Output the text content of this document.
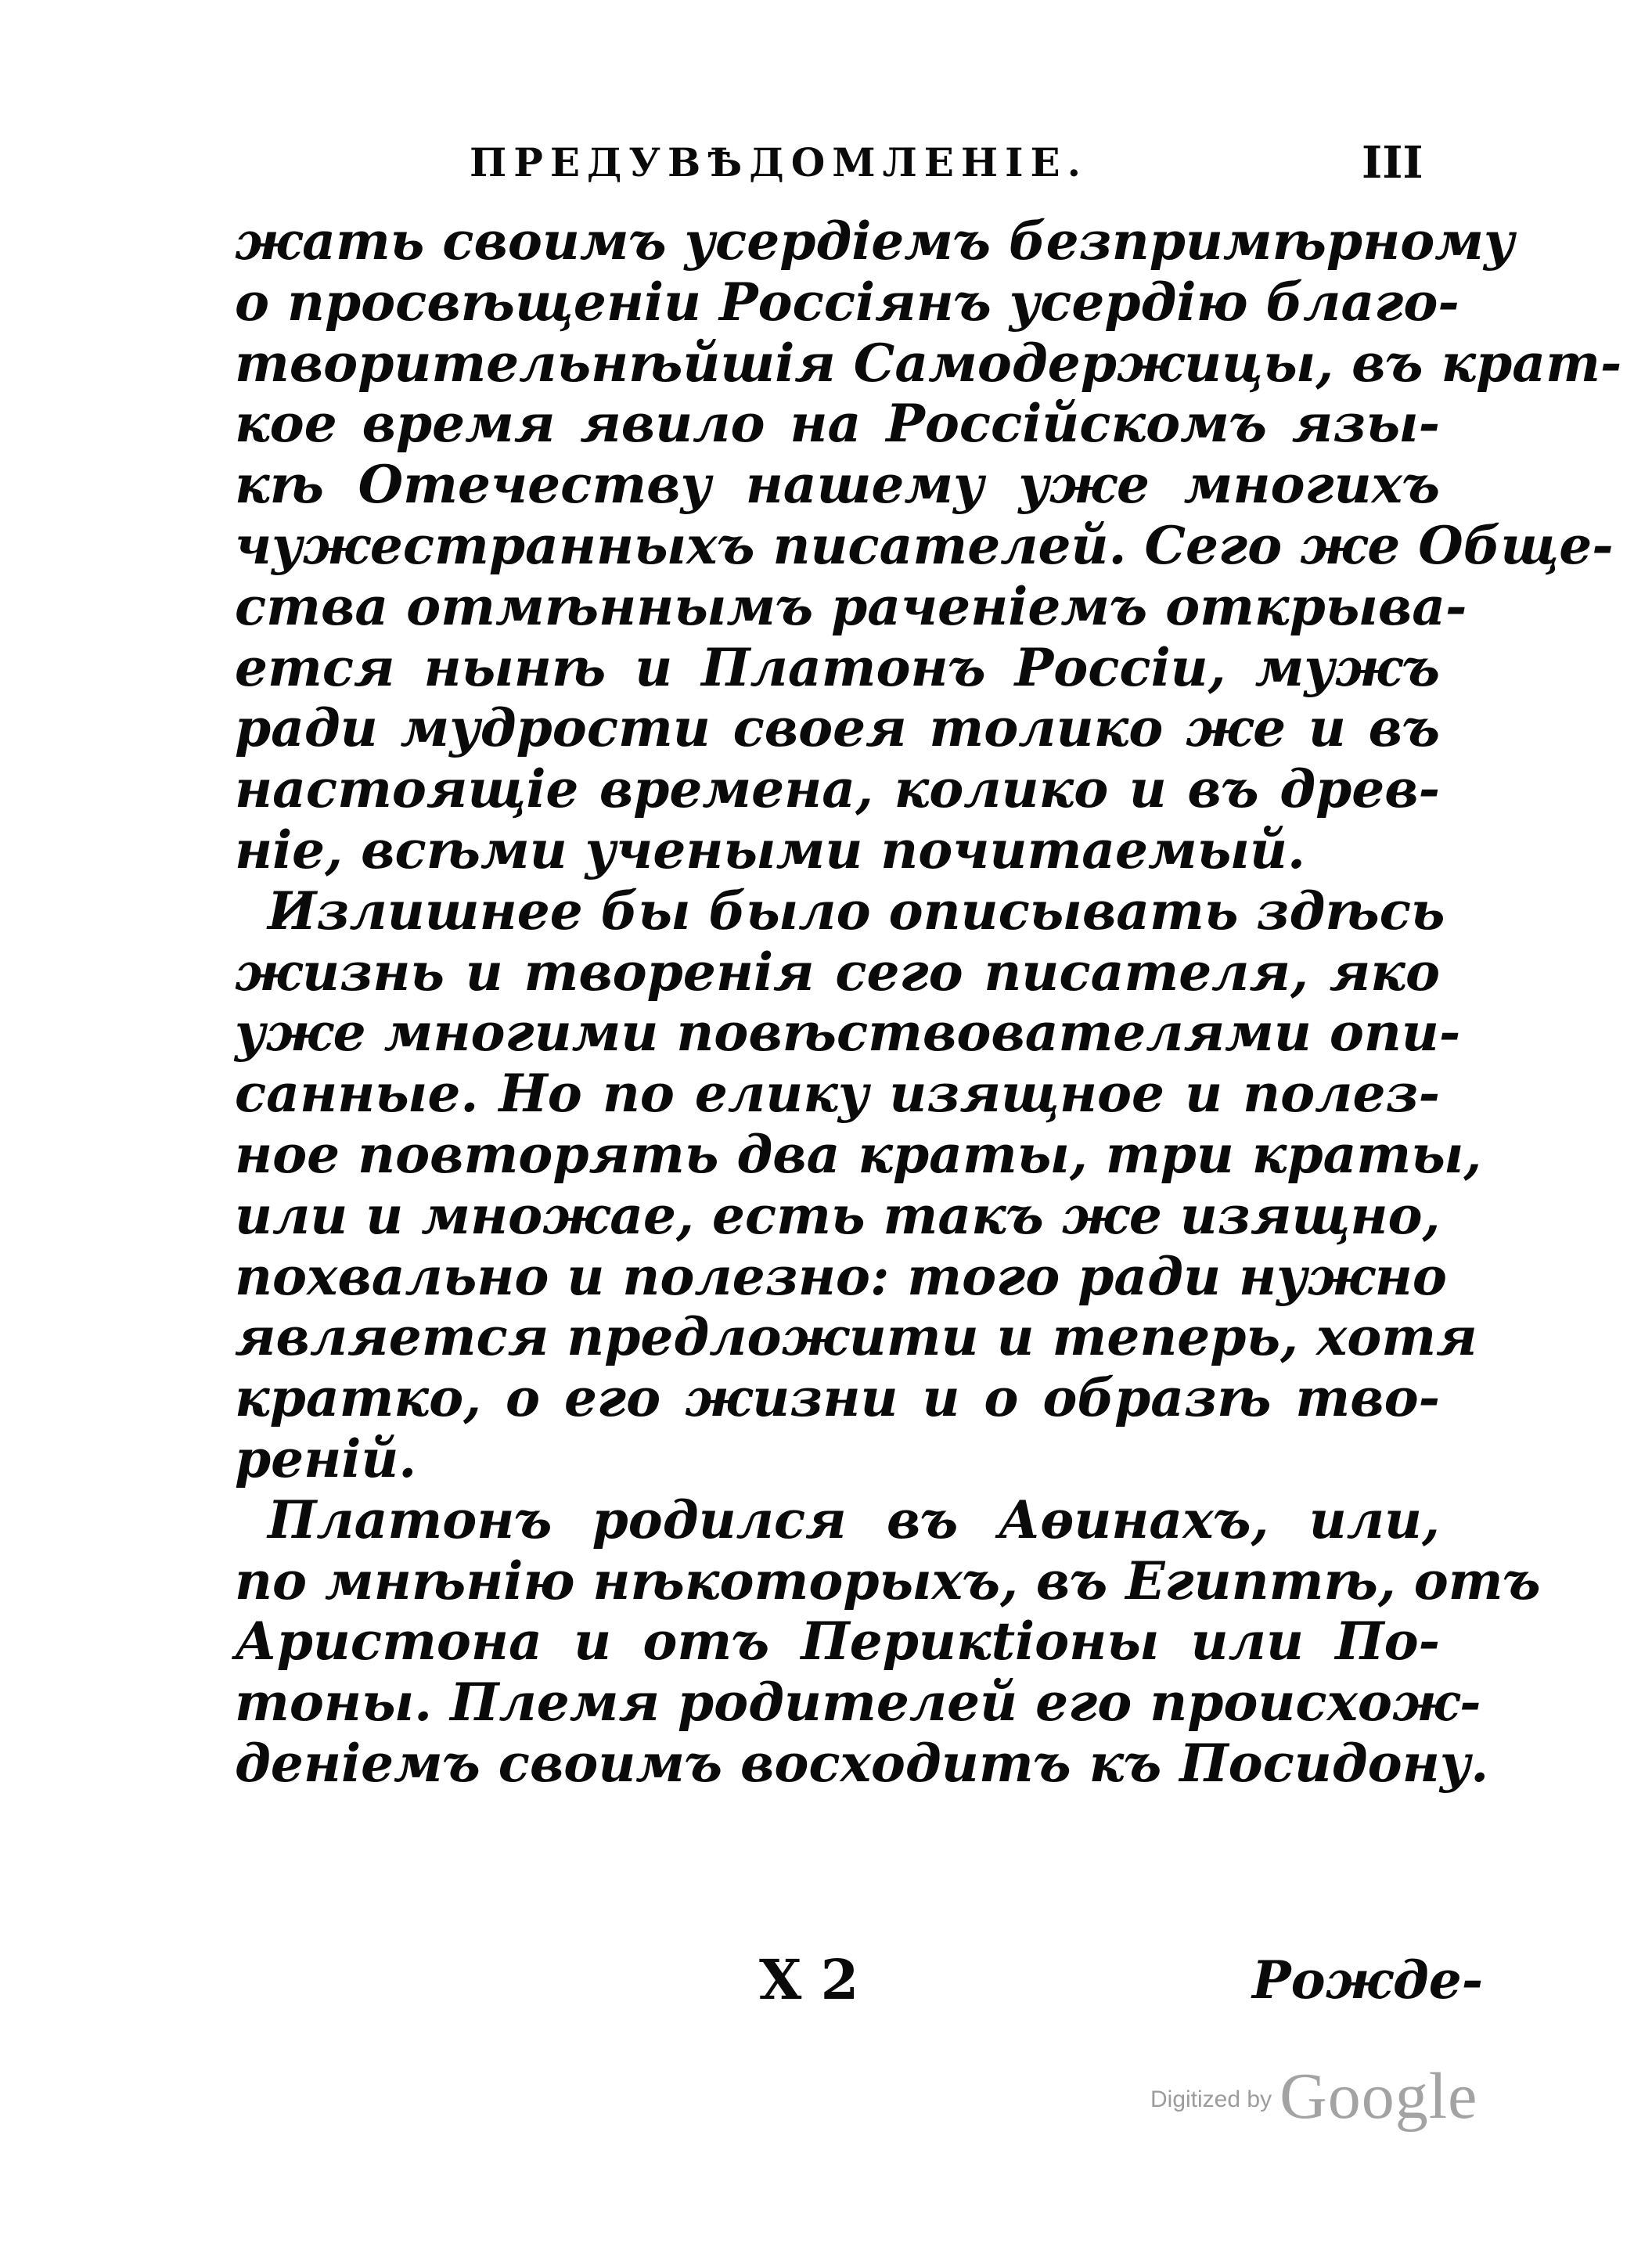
ПРЕДУВѢДОМЛЕНІЕ.	III
жать своимъ усердіемъ безпримѣрному
о просвѣщеніи Россіянъ усердію благо-
творительнѣйшія Самодержицы, въ крат-
кое время явило на Россійскомъ язы-
кѣ Отечеству нашему уже многихъ
чужестранныхъ писателей. Сего же Обще-
ства отмѣннымъ раченіемъ открыва-
ется нынѣ и Платонъ Россіи, мужъ
ради мудрости своея толико же и въ
настоящіе времена, колико и въ древ-
ніе, всѣми учеными почитаемый.
Излишнее бы было описывать здѣсь
жизнь и творенія сего писателя, яко
уже многими повѣствователями опи-
санные. Но по елику изящное и полез-
ное повторять два краты, три краты,
или и множае, есть такъ же изящно,
похвально и полезно: того ради нужно
является предложити и теперь, хотя
кратко, о его жизни и о образѣ тво-
реній.
Платонъ родился въ Аѳинахъ, или,
по мнѣнію нѣкоторыхъ, въ Египтѣ, отъ
Аристона и отъ Перикtіоны или По-
тоны. Племя родителей его происхож-
деніемъ своимъ восходитъ къ Посидону.
X 2	Рожде-
Digitized by Google
